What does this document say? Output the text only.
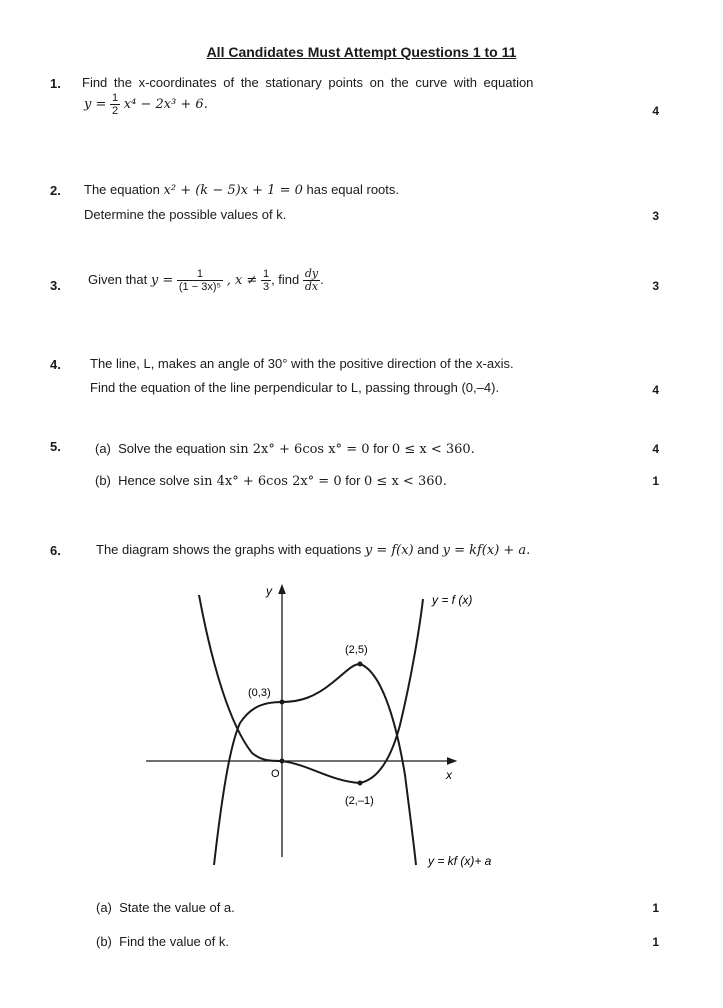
All Candidates Must Attempt Questions 1 to 11
1. Find the x-coordinates of the stationary points on the curve with equation
$y = \frac{1}{2} x^4 - 2x^3 + 6$.	4
2. The equation x² + (k − 5)x + 1 = 0 has equal roots.
Determine the possible values of k.	3
3. Given that $y = \frac{1}{\text{(1 − 3x)⁵}}$ , $x \ne \frac{1}{3}$ , find $\frac{dy}{dx}$ .	3
4. The line, L, makes an angle of 30° with the positive direction of the x-axis.
Find the equation of the line perpendicular to L, passing through (0,–4).	4
5.	(a) Solve the equation sin 2x° + 6cos x° = 0 for 0 ≤ x < 360.	4
(b) Hence solve sin 4x° + 6cos 2x° = 0 for 0 ≤ x < 360.	1
6.	The diagram shows the graphs with equations y = f(x) and y = kf(x) + a.
y
x
O
(0,3)
(2,5)
(2,–1)
y = f (x)
y = kf (x)+ a
(a) State the value of a.	1
(b) Find the value of k.	1
